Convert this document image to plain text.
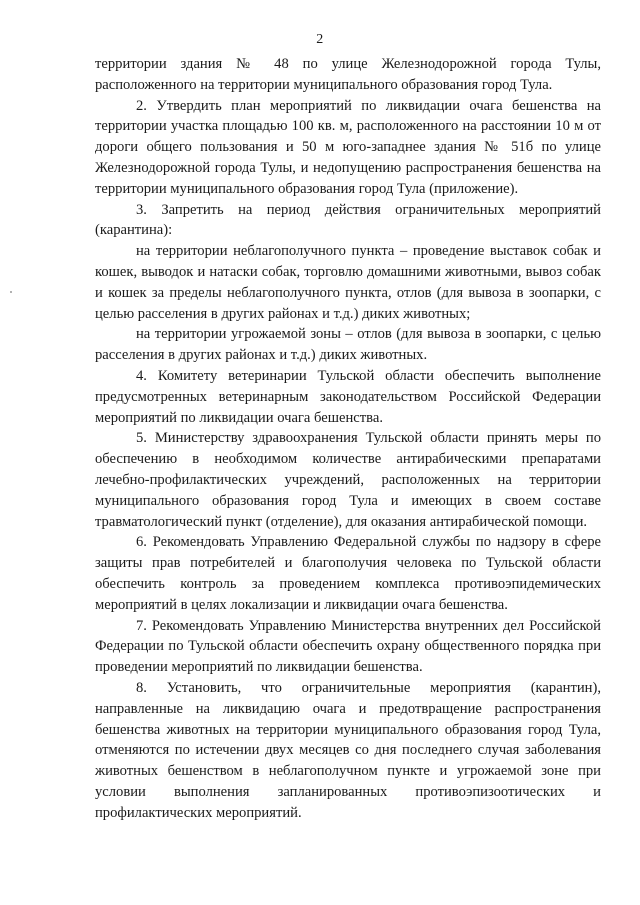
2

территории здания № 48 по улице Железнодорожной города Тулы, расположенного на территории муниципального образования город Тула.

2. Утвердить план мероприятий по ликвидации очага бешенства на территории участка площадью 100 кв. м, расположенного на расстоянии 10 м от дороги общего пользования и 50 м юго-западнее здания № 51б по улице Железнодорожной города Тулы, и недопущению распространения бешенства на территории муниципального образования город Тула (приложение).

3. Запретить на период действия ограничительных мероприятий (карантина):

на территории неблагополучного пункта – проведение выставок собак и кошек, выводок и натаски собак, торговлю домашними животными, вывоз собак и кошек за пределы неблагополучного пункта, отлов (для вывоза в зоопарки, с целью расселения в других районах и т.д.) диких животных;

на территории угрожаемой зоны – отлов (для вывоза в зоопарки, с целью расселения в других районах и т.д.) диких животных.

4. Комитету ветеринарии Тульской области обеспечить выполнение предусмотренных ветеринарным законодательством Российской Федерации мероприятий по ликвидации очага бешенства.

5. Министерству здравоохранения Тульской области принять меры по обеспечению в необходимом количестве антирабическими препаратами лечебно-профилактических учреждений, расположенных на территории муниципального образования город Тула и имеющих в своем составе травматологический пункт (отделение), для оказания антирабической помощи.

6. Рекомендовать Управлению Федеральной службы по надзору в сфере защиты прав потребителей и благополучия человека по Тульской области обеспечить контроль за проведением комплекса противоэпидемических мероприятий в целях локализации и ликвидации очага бешенства.

7. Рекомендовать Управлению Министерства внутренних дел Российской Федерации по Тульской области обеспечить охрану общественного порядка при проведении мероприятий по ликвидации бешенства.

8. Установить, что ограничительные мероприятия (карантин), направленные на ликвидацию очага и предотвращение распространения бешенства животных на территории муниципального образования город Тула, отменяются по истечении двух месяцев со дня последнего случая заболевания животных бешенством в неблагополучном пункте и угрожаемой зоне при условии выполнения запланированных противоэпизоотических и профилактических мероприятий.
